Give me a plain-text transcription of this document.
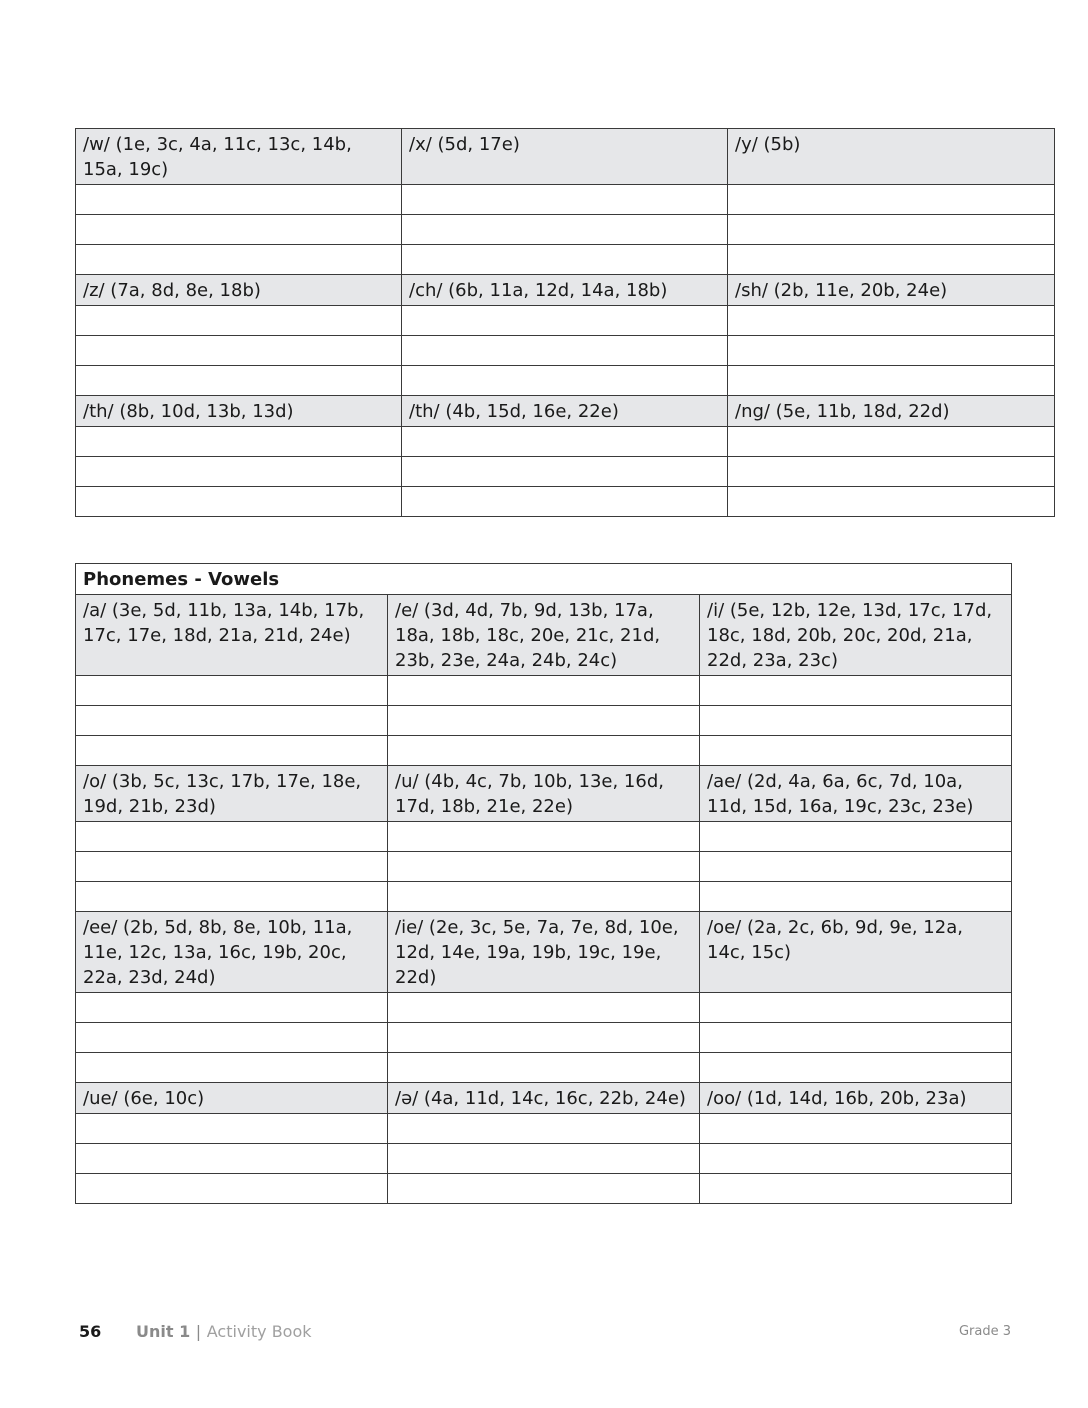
/w/ (1e, 3c, 4a, 11c, 13c, 14b, 15a, 19c)	/x/ (5d, 17e)	/y/ (5b)

/z/ (7a, 8d, 8e, 18b)	/ch/ (6b, 11a, 12d, 14a, 18b)	/sh/ (2b, 11e, 20b, 24e)

/th/ (8b, 10d, 13b, 13d)	/th/ (4b, 15d, 16e, 22e)	/ng/ (5e, 11b, 18d, 22d)

Phonemes - Vowels		
/a/ (3e, 5d, 11b, 13a, 14b, 17b, 17c, 17e, 18d, 21a, 21d, 24e)	/e/ (3d, 4d, 7b, 9d, 13b, 17a, 18a, 18b, 18c, 20e, 21c, 21d, 23b, 23e, 24a, 24b, 24c)	/i/ (5e, 12b, 12e, 13d, 17c, 17d, 18c, 18d, 20b, 20c, 20d, 21a, 22d, 23a, 23c)

/o/ (3b, 5c, 13c, 17b, 17e, 18e, 19d, 21b, 23d)	/u/ (4b, 4c, 7b, 10b, 13e, 16d, 17d, 18b, 21e, 22e)	/ae/ (2d, 4a, 6a, 6c, 7d, 10a, 11d, 15d, 16a, 19c, 23c, 23e)

/ee/ (2b, 5d, 8b, 8e, 10b, 11a, 11e, 12c, 13a, 16c, 19b, 20c, 22a, 23d, 24d)	/ie/ (2e, 3c, 5e, 7a, 7e, 8d, 10e, 12d, 14e, 19a, 19b, 19c, 19e, 22d)	/oe/ (2a, 2c, 6b, 9d, 9e, 12a, 14c, 15c)

/ue/ (6e, 10c)	/ə/ (4a, 11d, 14c, 16c, 22b, 24e)	/oo/ (1d, 14d, 16b, 20b, 23a)

56 Unit 1 | Activity Book	Grade 3
